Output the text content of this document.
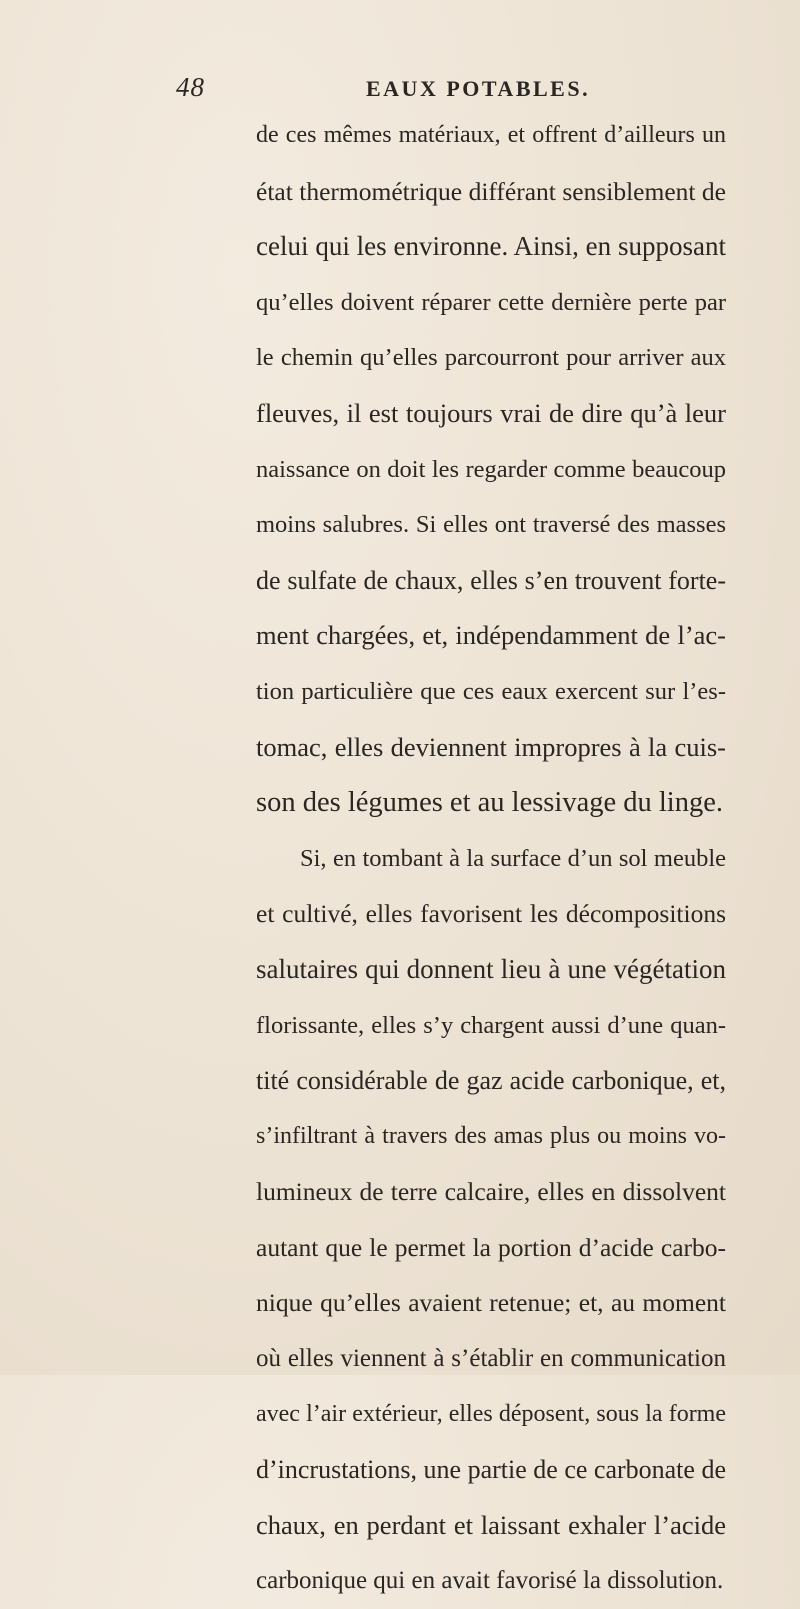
48	EAUX POTABLES.
de ces mêmes matériaux, et offrent d’ailleurs un
état thermométrique différant sensiblement de
celui qui les environne. Ainsi, en supposant
qu’elles doivent réparer cette dernière perte par
le chemin qu’elles parcourront pour arriver aux
fleuves, il est toujours vrai de dire qu’à leur
naissance on doit les regarder comme beaucoup
moins salubres. Si elles ont traversé des masses
de sulfate de chaux, elles s’en trouvent forte-
ment chargées, et, indépendamment de l’ac-
tion particulière que ces eaux exercent sur l’es-
tomac, elles deviennent impropres à la cuis-
son des légumes et au lessivage du linge.
Si, en tombant à la surface d’un sol meuble
et cultivé, elles favorisent les décompositions
salutaires qui donnent lieu à une végétation
florissante, elles s’y chargent aussi d’une quan-
tité considérable de gaz acide carbonique, et,
s’infiltrant à travers des amas plus ou moins vo-
lumineux de terre calcaire, elles en dissolvent
autant que le permet la portion d’acide carbo-
nique qu’elles avaient retenue; et, au moment
où elles viennent à s’établir en communication
avec l’air extérieur, elles déposent, sous la forme
d’incrustations, une partie de ce carbonate de
chaux, en perdant et laissant exhaler l’acide
carbonique qui en avait favorisé la dissolution.
